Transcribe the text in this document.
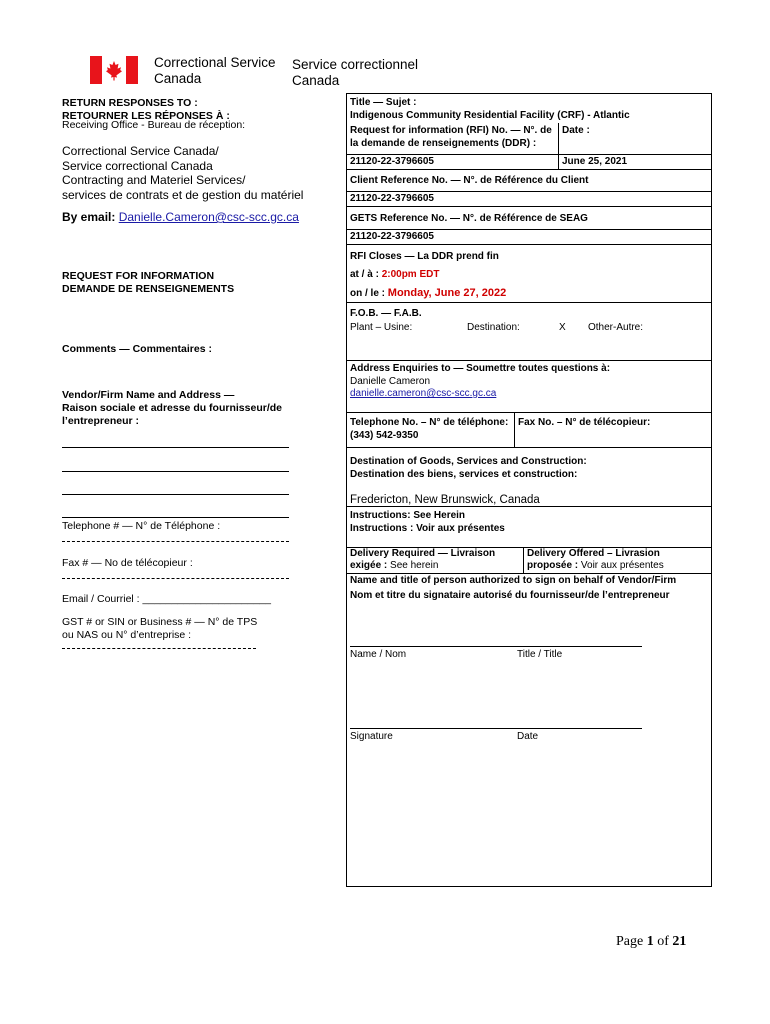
Correctional Service
Canada
Service correctionnel
Canada
RETURN RESPONSES TO :
RETOURNER LES RÉPONSES À :
Receiving Office - Bureau de réception:
Correctional Service Canada/
Service correctional Canada
Contracting and Materiel Services/
services de contrats et de gestion du matériel
By email: Danielle.Cameron@csc-scc.gc.ca
REQUEST FOR INFORMATION
DEMANDE DE RENSEIGNEMENTS
Comments — Commentaires :
Vendor/Firm Name and Address —
Raison sociale et adresse du fournisseur/de
l’entrepreneur :
Telephone # — N° de Téléphone :
Fax # — No de télécopieur :
Email / Courriel : ______________________
GST # or SIN or Business # — N° de TPS
ou NAS ou N° d’entreprise :
Title — Sujet :
Indigenous Community Residential Facility (CRF) - Atlantic
Request for information (RFI) No. — N°. de
la demande de renseignements (DDR) :
Date :
21120-22-3796605	June 25, 2021
Client Reference No. — N°. de Référence du Client
21120-22-3796605
GETS Reference No. — N°. de Référence de SEAG
21120-22-3796605
RFI Closes — La DDR prend fin
at / à : 2:00pm EDT
on / le : Monday, June 27, 2022
F.O.B. — F.A.B.
Plant – Usine:	Destination:	X Other-Autre:
Address Enquiries to — Soumettre toutes questions à:
Danielle Cameron
danielle.cameron@csc-scc.gc.ca
Telephone No. – N° de téléphone:
(343) 542-9350
Fax No. – N° de télécopieur:
Destination of Goods, Services and Construction:
Destination des biens, services et construction:
Fredericton, New Brunswick, Canada
Instructions: See Herein
Instructions : Voir aux présentes
Delivery Required — Livraison
exigée : See herein
Delivery Offered – Livrasion
proposée : Voir aux présentes
Name and title of person authorized to sign on behalf of Vendor/Firm
Nom et titre du signataire autorisé du fournisseur/de l’entrepreneur
Name / Nom	Title / Title
Signature	Date
Page 1 of 21
